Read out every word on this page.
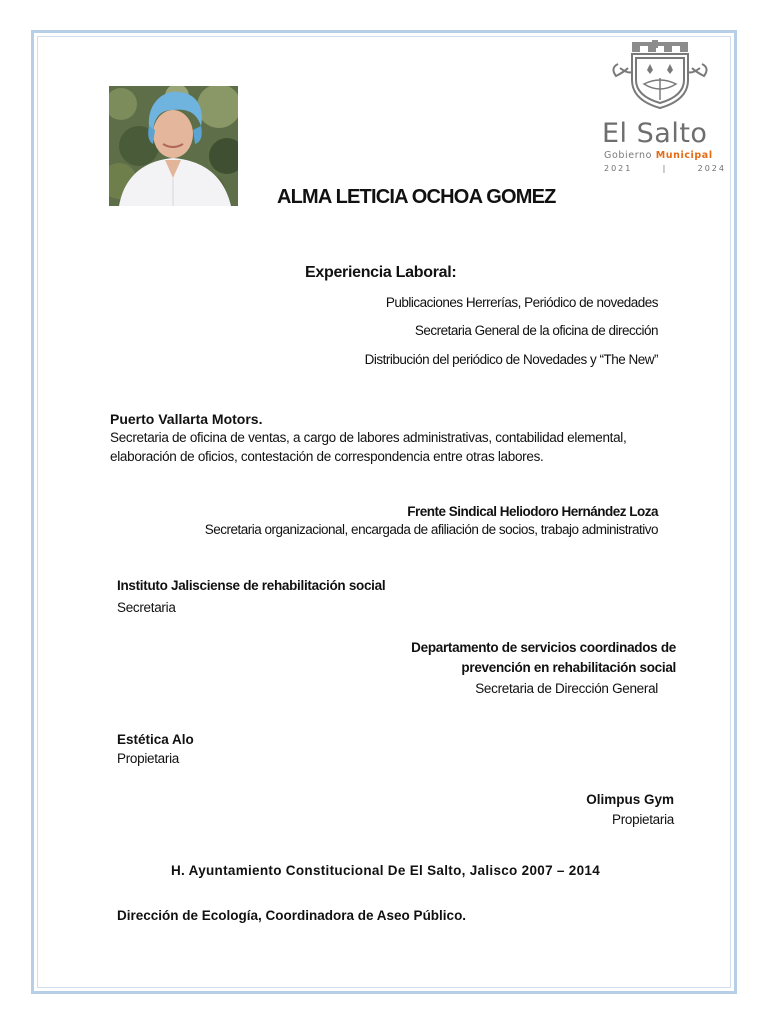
El Salto
Gobierno Municipal
2021	|	2024
ALMA LETICIA OCHOA GOMEZ
Experiencia Laboral:
Publicaciones Herrerías, Periódico de novedades
Secretaria General de la oficina de dirección
Distribución del periódico de Novedades y “The New”
Puerto Vallarta Motors.
Secretaria de oficina de ventas, a cargo de labores administrativas, contabilidad elemental,
elaboración de oficios, contestación de correspondencia entre otras labores.
Frente Sindical Heliodoro Hernández Loza
Secretaria organizacional, encargada de afiliación de socios, trabajo administrativo
Instituto Jalisciense de rehabilitación social
Secretaria
Departamento de servicios coordinados de
prevención en rehabilitación social
Secretaria de Dirección General
Estética Alo
Propietaria
Olimpus Gym
Propietaria
H. Ayuntamiento Constitucional De El Salto, Jalisco 2007 – 2014
Dirección de Ecología, Coordinadora de Aseo Público.
